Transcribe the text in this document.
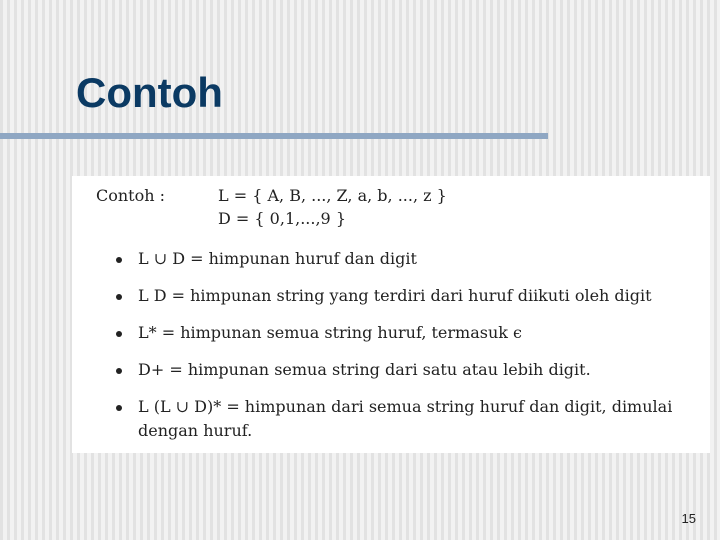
Contoh
Contoh :	L = { A, B, ..., Z, a, b, ..., z }
D = { 0,1,...,9 }
L ∪ D = himpunan huruf dan digit
L D = himpunan string yang terdiri dari huruf diikuti oleh digit
L* = himpunan semua string huruf, termasuk ϵ
D+ = himpunan semua string dari satu atau lebih digit.
L (L ∪ D)* = himpunan dari semua string huruf dan digit, dimulai dengan huruf.
15
